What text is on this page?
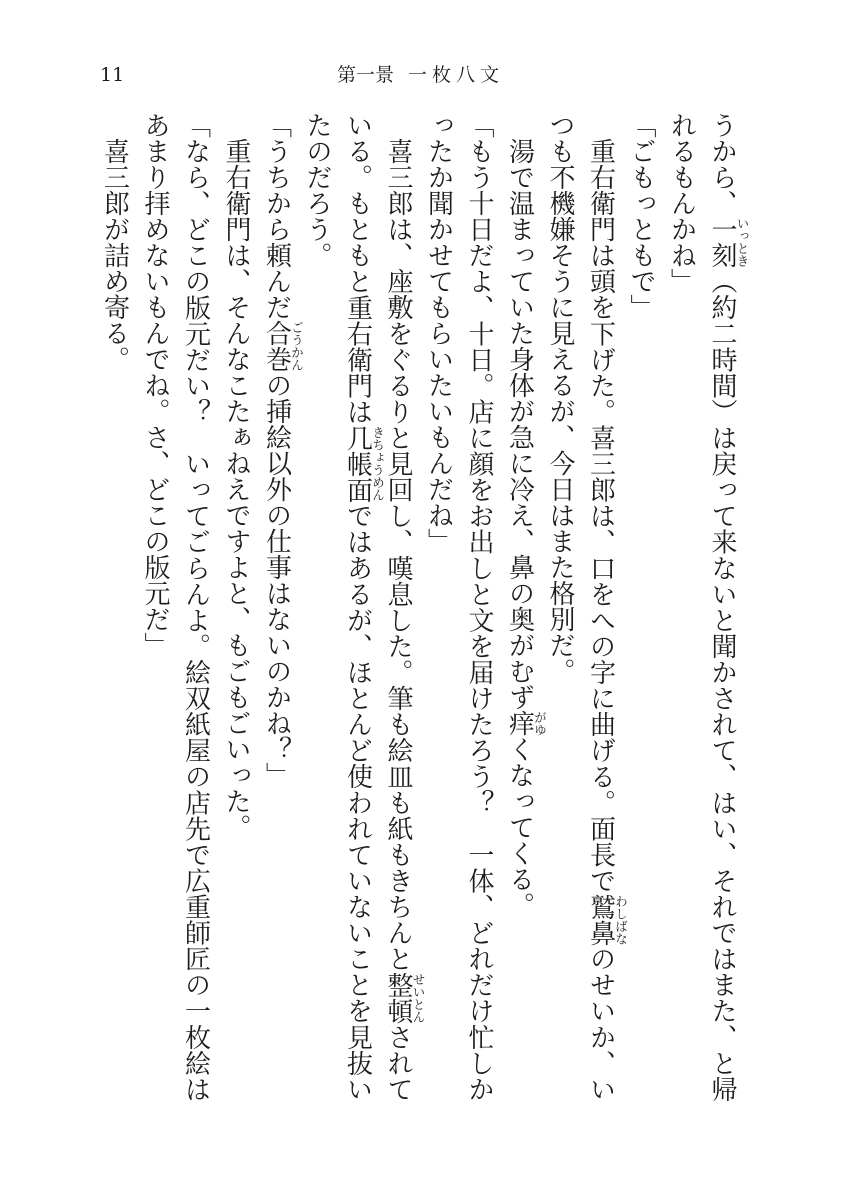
11	第一景 一枚八文
うから、一刻
いっとき
（約二時間）は戻って来ないと聞かされて、はい、それではまた、と帰
れるもんかね」
「ごもっともで」
重右衛門は頭を下げた。喜三郎は、口をへの字に曲げる。面長で鷲鼻
わしばな
のせいか、い
つも不機嫌そうに見えるが、今日はまた格別だ。
湯で温まっていた身体が急に冷え、鼻の奥がむず痒
がゆ
くなってくる。
「もう十日だよ、十日。店に顔をお出しと文を届けたろう？　一体、どれだけ忙しか
ったか聞かせてもらいたいもんだね」
喜三郎は、座敷をぐるりと見回し、嘆息した。筆も絵皿も紙もきちんと整頓
せいとん
されて
いる。もともと重右衛門は几帳面
きちょうめん
ではあるが、ほとんど使われていないことを見抜い
たのだろう。
「うちから頼んだ合巻
ごうかん
の挿絵以外の仕事はないのかね？」
重右衛門は、そんなこたぁねえですよと、もごもごいった。
「なら、どこの版元だい？　いってごらんよ。絵双紙屋の店先で広重師匠の一枚絵は
あまり拝めないもんでね。さ、どこの版元だ」
喜三郎が詰め寄る。
